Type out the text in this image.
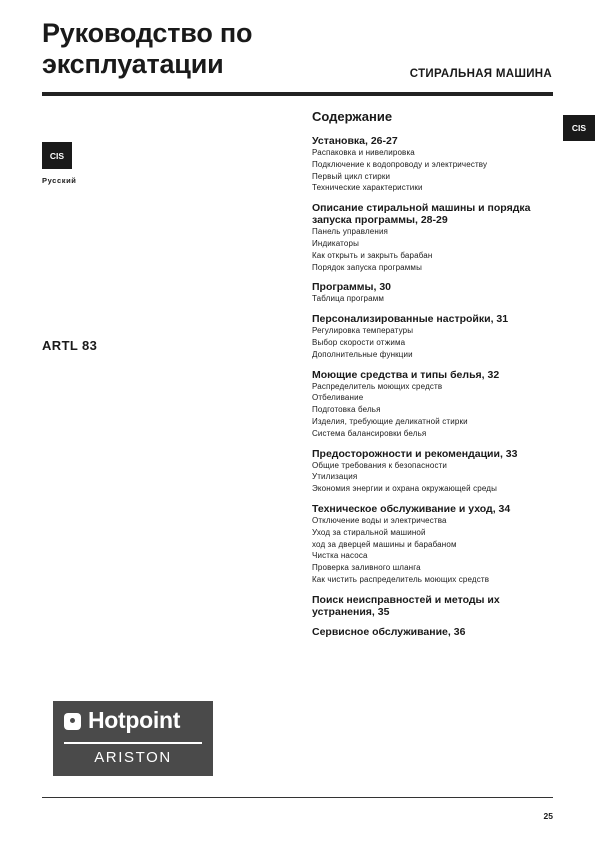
Руководство по
эксплуатации	СТИРАЛЬНАЯ МАШИНА
CIS
Русский
ARTL 83
CIS
Содержание
Установка, 26-27
Распаковка и нивелировка
Подключение к водопроводу и электричеству
Первый цикл стирки
Технические характеристики
Описание стиральной машины и порядка запуска программы, 28-29
Панель управления
Индикаторы
Как открыть и закрыть барабан
Порядок запуска программы
Программы, 30
Таблица программ
Персонализированные настройки, 31
Регулировка температуры
Выбор скорости отжима
Дополнительные функции
Моющие средства и типы белья, 32
Распределитель моющих средств
Отбеливание
Подготовка белья
Изделия, требующие деликатной стирки
Система балансировки белья
Предосторожности и рекомендации, 33
Общие требования к безопасности
Утилизация
Экономия энергии и охрана окружающей среды
Техническое обслуживание и уход, 34
Отключение воды и электричества
Уход за стиральной машиной
ход за дверцей машины и барабаном
Чистка насоса
Проверка заливного шланга
Как чистить распределитель моющих средств
Поиск неисправностей и методы их устранения, 35
Сервисное обслуживание, 36
Hotpoint
ARISTON
25
